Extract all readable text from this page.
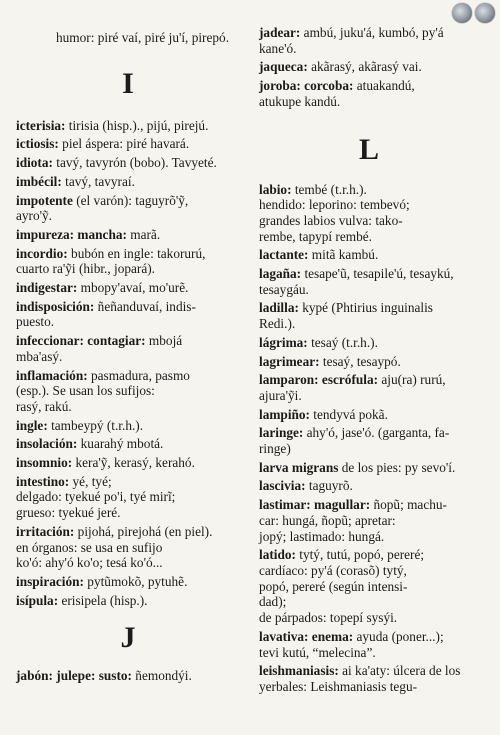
humor: piré vaí, piré ju'í, pirepó.
I
icterisia: tirisia (hisp.)., pijú, pirejú.
ictiosis: piel áspera: piré havará.
idiota: tavý, tavyrón (bobo). Tavyeté.
imbécil: tavý, tavyraí.
impotente (el varón): taguyrõ'ỹ,
ayro'ỹ.
impureza: mancha: marã.
incordio: bubón en ingle: takorurú,
cuarto ra'ỹi (hibr., jopará).
indigestar: mbopy'avaí, mo'urẽ.
indisposición: ñeñanduvaí, indis-
puesto.
infeccionar: contagiar: mbojá
mba'asý.
inflamación: pasmadura, pasmo
(esp.). Se usan los sufijos:
rasý, rakú.
ingle: tambeypý (t.r.h.).
insolación: kuarahý mbotá.
insomnio: kera'ỹ, kerasý, keraһó.
intestino: yé, tyé;
delgado: tyekué po'i, tyé mirĩ;
grueso: tyekué jeré.
irritación: pijohá, pirejohá (en piel).
en órganos: se usa en sufijo
ko'ó: ahy'ó ko'o; tesá ko'ó...
inspiración: pytũmokõ, pytuhẽ.
isípula: erisipela (hisp.).
J
jabón: julepe: susto: ñemondýi.
jadear: ambú, juku'á, kumbó, py'á
kane'ó.
jaqueca: akãrasý, akãrasý vai.
joroba: corcoba: atuakandú,
atukupe kandú.
L
labio: tembé (t.r.h.).
hendido: leporino: tembevó;
grandes labios vulva: tako-
rembe, tapypí rembé.
lactante: mitã kambú.
lagaña: tesape'ũ, tesapile'ú, tesaykú,
tesaygáu.
ladilla: kypé (Phtirius inguinalis
Redi.).
lágrima: tesaý (t.r.h.).
lagrimear: tesaý, tesaypó.
lamparon: escrófula: aju(ra) rurú,
ajura'ỹi.
lampiño: tendyvá pokã.
laringe: ahy'ó, jase'ó. (garganta, fa-
ringe)
larva migrans de los pies: py sevo'í.
lascivia: taguyrõ.
lastimar: magullar: ñopũ; machu-
car: hungá, ñopũ; apretar:
jopý; lastimado: hungá.
latido: tytý, tutú, popó, pereré;
cardíaco: py'á (corasõ) tytý,
popó, pereré (según intensi-
dad);
de párpados: topepí sysýi.
lavativa: enema: ayuda (poner...);
tevi kutú, “melecina”.
leishmaniasis: ai ka'aty: úlcera de los
yerbales: Leishmaniasis tegu-
